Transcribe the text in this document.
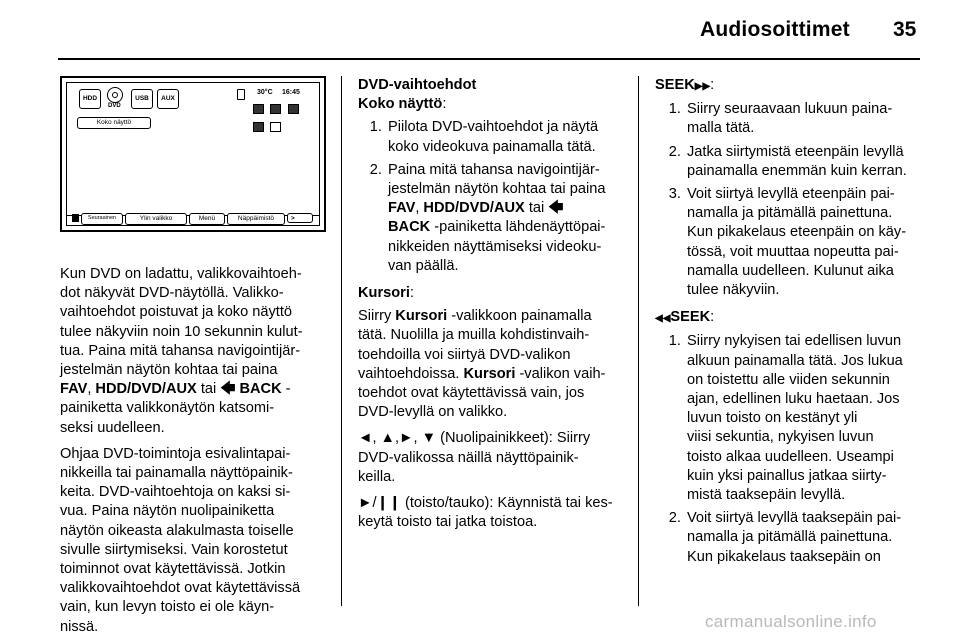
Audiosoittimet 35
HDD
DVD
USB	AUX
30°C 16:45

Koko näyttö
Seuraainen	Ylin valikko	Menü	Näppäimistö	>

Kun DVD on ladattu, valikkovaihtoeh-
dot näkyvät DVD-näytöllä. Valikko-
vaihtoehdot poistuvat ja koko näyttö
tulee näkyviin noin 10 sekunnin kulut-
tua. Paina mitä tahansa navigointijär-
jestelmän näytön kohtaa tai paina
FAV, HDD/DVD/AUX tai 🡄 BACK -
painiketta valikkonäytön katsomi-
seksi uudelleen.

Ohjaa DVD-toimintoja esivalintapai-
nikkeilla tai painamalla näyttöpainik-
keita. DVD-vaihtoehtoja on kaksi si-
vua. Paina näytön nuolipainiketta
näytön oikeasta alakulmasta toiselle
sivulle siirtymiseksi. Vain korostetut
toiminnot ovat käytettävissä. Jotkin
valikkovaihtoehdot ovat käytettävissä
vain, kun levyn toisto ei ole käyn-
nissä.

DVD-vaihtoehdot
Koko näyttö:
1. Piilota DVD-vaihtoehdot ja näytä
koko videokuva painamalla tätä.
2. Paina mitä tahansa navigointijär-
jestelmän näytön kohtaa tai paina
FAV, HDD/DVD/AUX tai 🡄
BACK -painiketta lähdenäyttöpai-
nikkeiden näyttämiseksi videoku-
van päällä.
Kursori:

Siirry Kursori -valikkoon painamalla
tätä. Nuolilla ja muilla kohdistinvaih-
toehdoilla voi siirtyä DVD-valikon
vaihtoehdoissa. Kursori -valikon vaih-
toehdot ovat käytettävissä vain, jos
DVD-levyllä on valikko.

◄, ▲,►, ▼ (Nuolipainikkeet): Siirry
DVD-valikossa näillä näyttöpainik-
keilla.

►/❙❙ (toisto/tauko): Käynnistä tai kes-
keytä toisto tai jatka toistoa.

SEEK▶▶:
1. Siirry seuraavaan lukuun paina-
malla tätä.
2. Jatka siirtymistä eteenpäin levyllä
painamalla enemmän kuin kerran.
3. Voit siirtyä levyllä eteenpäin pai-
namalla ja pitämällä painettuna.
Kun pikakelaus eteenpäin on käy-
tössä, voit muuttaa nopeutta pai-
namalla uudelleen. Kulunut aika
tulee näkyviin.
◀◀SEEK:
1. Siirry nykyisen tai edellisen luvun
alkuun painamalla tätä. Jos lukua
on toistettu alle viiden sekunnin
ajan, edellinen luku haetaan. Jos
luvun toisto on kestänyt yli
viisi sekuntia, nykyisen luvun
toisto alkaa uudelleen. Useampi
kuin yksi painallus jatkaa siirty-
mistä taaksepäin levyllä.
2. Voit siirtyä levyllä taaksepäin pai-
namalla ja pitämällä painettuna.
Kun pikakelaus taaksepäin on
carmanualsonline.info
